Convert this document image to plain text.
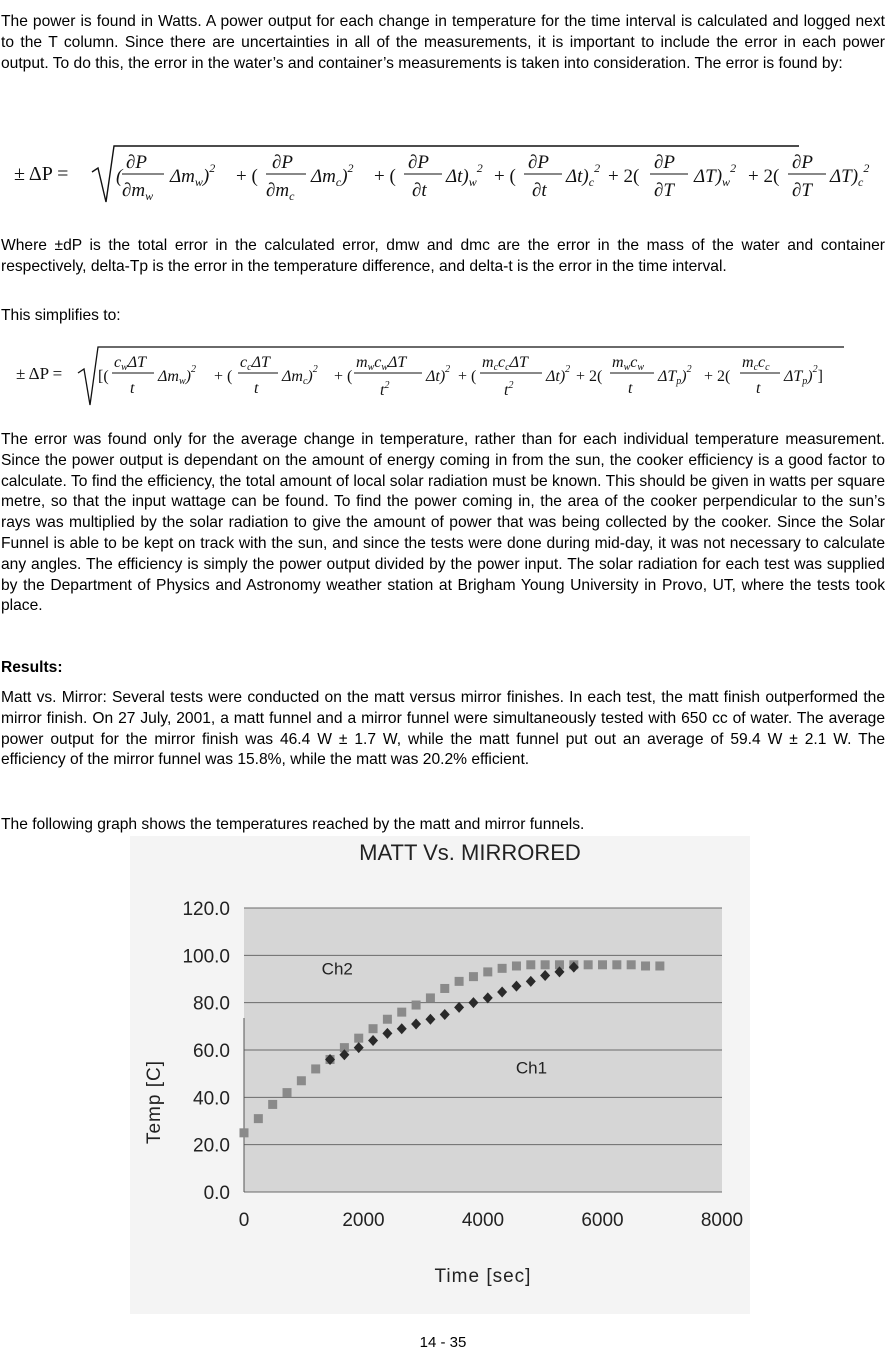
The power is found in Watts. A power output for each change in temperature for the time interval is calculated and logged next to the T column. Since there are uncertainties in all of the measurements, it is important to include the error in each power output. To do this, the error in the water’s and container’s measurements is taken into consideration. The error is found by:

± ΔP =	(
∂P
$\partial m_w$
$\Delta m_w)^2$ + (
∂P
$\partial m_c$
$\Delta m_c)^2$ + (
∂P
∂t
$\Delta t)_w^2$ + (
∂P
∂t
$\Delta t)_c^2 + 2$(
∂P
∂T
$\Delta T)_w^2 + 2$(
∂P
∂T
$\Delta T)_c^2$

Where ±dP is the total error in the calculated error, dmw and dmc are the error in the mass of the water and container respectively, delta-Tp is the error in the temperature difference, and delta-t is the error in the time interval.

This simplifies to:

± ΔP = [(
cwΔT
t
Δmw)$^2$ + (
ccΔT
t
Δmc)$^2$ + (
mwcwΔT
$t^2$
Δt)$^2$ + (
mcccΔT
$t^2$
Δt)$^2$ + 2(
mwcw
t
ΔTp)$^2$ + 2(
mccc
t
ΔTp)$^2$]

The error was found only for the average change in temperature, rather than for each individual temperature measurement. Since the power output is dependant on the amount of energy coming in from the sun, the cooker efficiency is a good factor to calculate. To find the efficiency, the total amount of local solar radiation must be known. This should be given in watts per square metre, so that the input wattage can be found. To find the power coming in, the area of the cooker perpendicular to the sun’s rays was multiplied by the solar radiation to give the amount of power that was being collected by the cooker. Since the Solar Funnel is able to be kept on track with the sun, and since the tests were done during mid-day, it was not necessary to calculate any angles. The efficiency is simply the power output divided by the power input. The solar radiation for each test was supplied by the Department of Physics and Astronomy weather station at Brigham Young University in Provo, UT, where the tests took place.

Results:

Matt vs. Mirror: Several tests were conducted on the matt versus mirror finishes. In each test, the matt finish outperformed the mirror finish. On 27 July, 2001, a matt funnel and a mirror funnel were simultaneously tested with 650 cc of water. The average power output for the mirror finish was 46.4 W ± 1.7 W, while the matt funnel put out an average of 59.4 W ± 2.1 W. The efficiency of the mirror funnel was 15.8%, while the matt was 20.2% efficient.

The following graph shows the temperatures reached by the matt and mirror funnels.

MATT Vs. MIRRORED
0.0
20.0
40.0
60.0
80.0
100.0
120.0
0	2000	4000	6000	8000
Ch2
Ch1
Time [sec]
Temp [C]
14 - 35
